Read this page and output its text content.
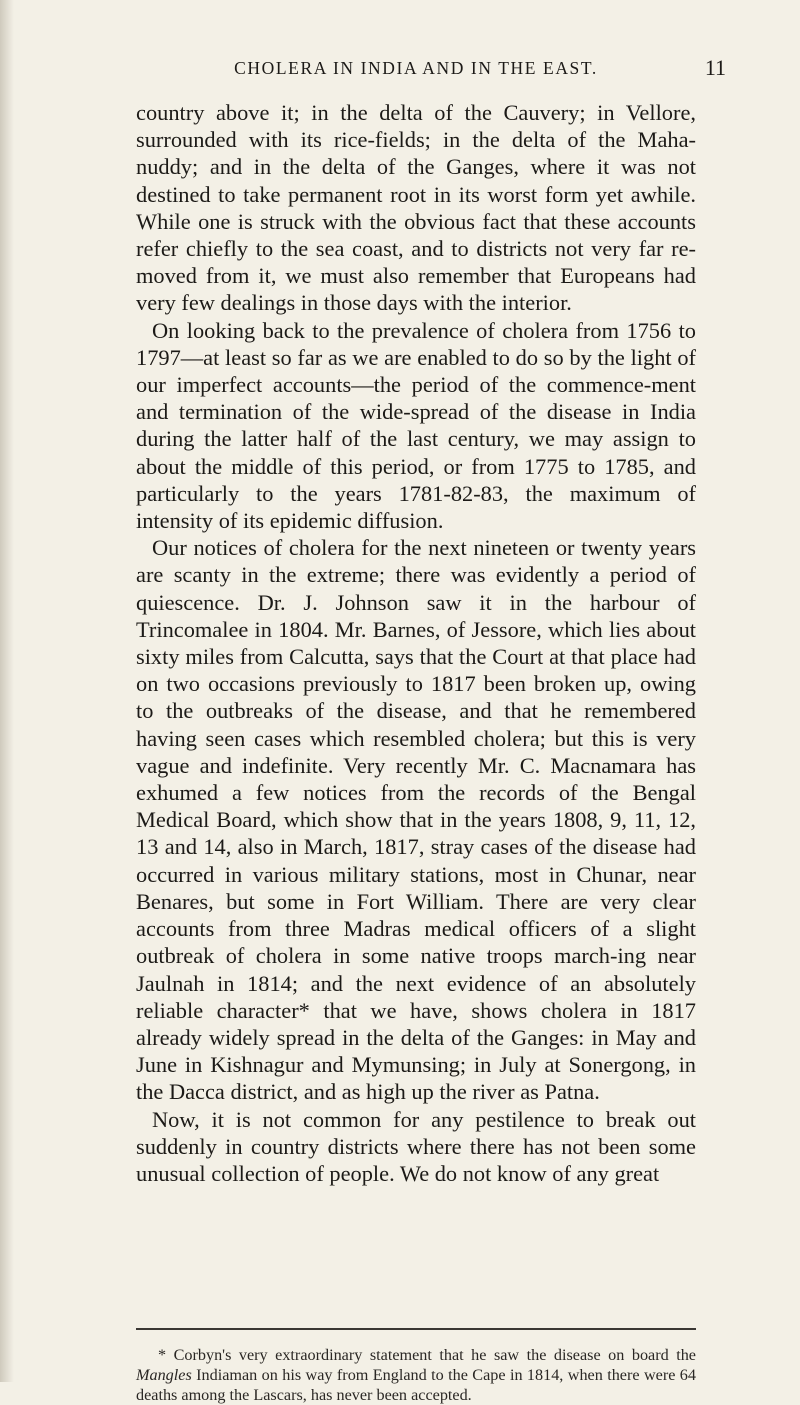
CHOLERA IN INDIA AND IN THE EAST.	11

country above it; in the delta of the Cauvery; in Vellore, surrounded with its rice-fields; in the delta of the Maha-nuddy; and in the delta of the Ganges, where it was not destined to take permanent root in its worst form yet awhile. While one is struck with the obvious fact that these accounts refer chiefly to the sea coast, and to districts not very far re-moved from it, we must also remember that Europeans had very few dealings in those days with the interior.

On looking back to the prevalence of cholera from 1756 to 1797—at least so far as we are enabled to do so by the light of our imperfect accounts—the period of the commence-ment and termination of the wide-spread of the disease in India during the latter half of the last century, we may assign to about the middle of this period, or from 1775 to 1785, and particularly to the years 1781-82-83, the maximum of intensity of its epidemic diffusion.

Our notices of cholera for the next nineteen or twenty years are scanty in the extreme; there was evidently a period of quiescence. Dr. J. Johnson saw it in the harbour of Trincomalee in 1804. Mr. Barnes, of Jessore, which lies about sixty miles from Calcutta, says that the Court at that place had on two occasions previously to 1817 been broken up, owing to the outbreaks of the disease, and that he remembered having seen cases which resembled cholera; but this is very vague and indefinite. Very recently Mr. C. Macnamara has exhumed a few notices from the records of the Bengal Medical Board, which show that in the years 1808, 9, 11, 12, 13 and 14, also in March, 1817, stray cases of the disease had occurred in various military stations, most in Chunar, near Benares, but some in Fort William. There are very clear accounts from three Madras medical officers of a slight outbreak of cholera in some native troops march-ing near Jaulnah in 1814; and the next evidence of an absolutely reliable character* that we have, shows cholera in 1817 already widely spread in the delta of the Ganges: in May and June in Kishnagur and Mymunsing; in July at Sonergong, in the Dacca district, and as high up the river as Patna.

Now, it is not common for any pestilence to break out suddenly in country districts where there has not been some unusual collection of people. We do not know of any great

* Corbyn's very extraordinary statement that he saw the disease on board the Mangles Indiaman on his way from England to the Cape in 1814, when there were 64 deaths among the Lascars, has never been accepted.
